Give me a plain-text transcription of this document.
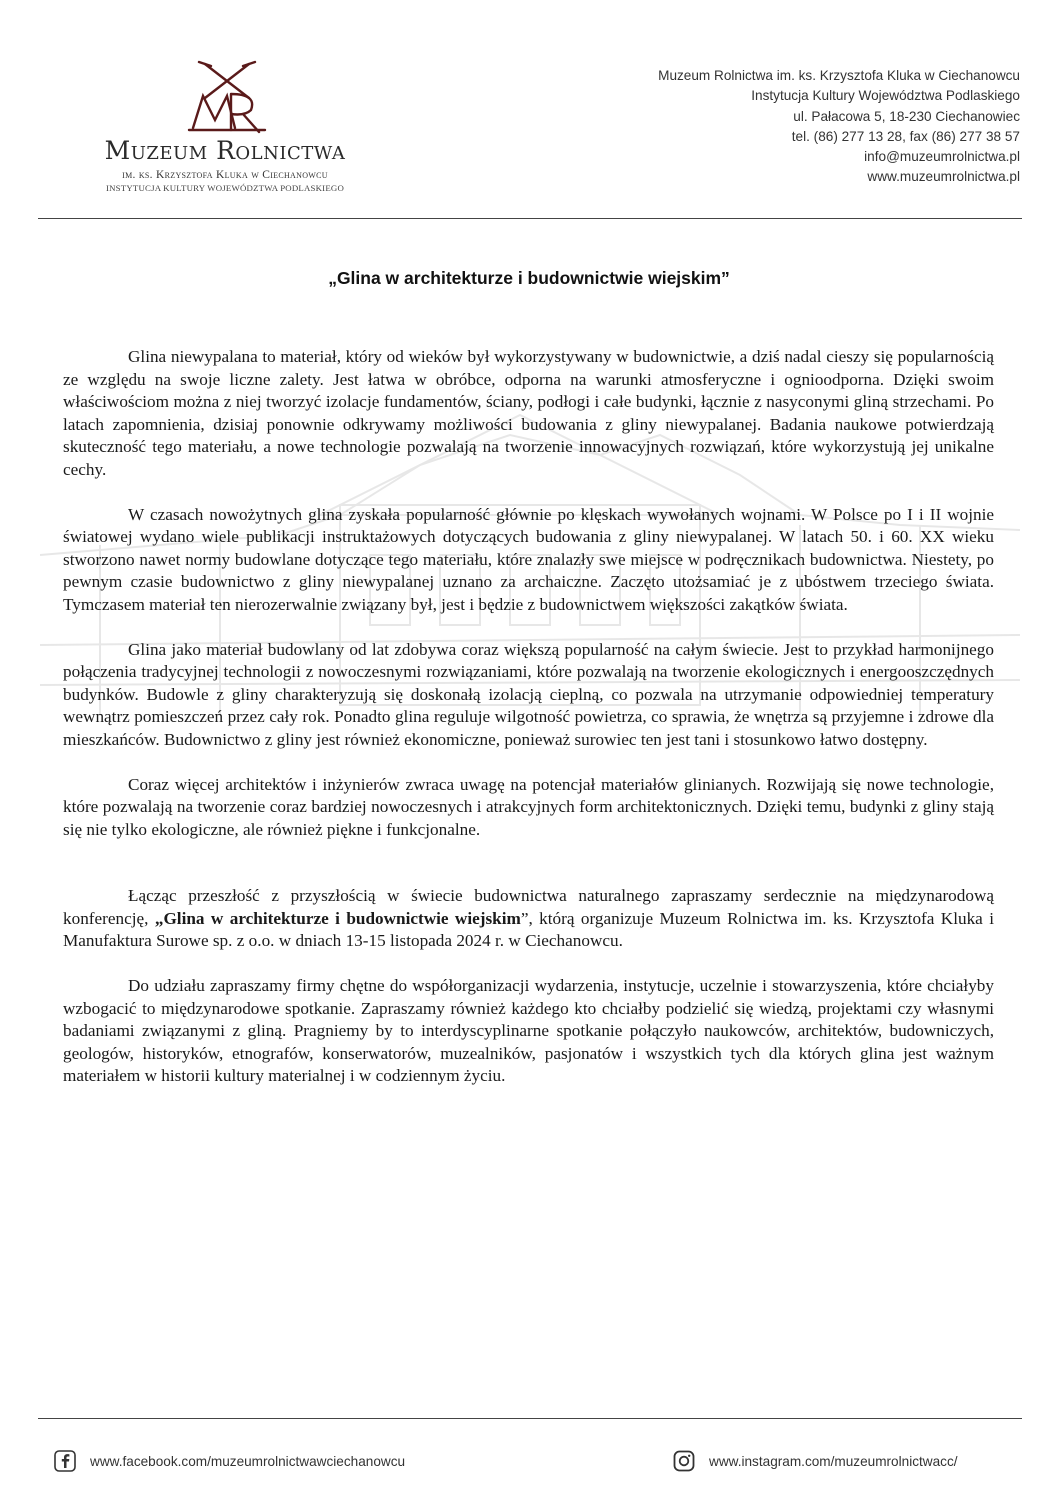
Muzeum Rolnictwa
im. ks. Krzysztofa Kluka w Ciechanowcu
INSTYTUCJA KULTURY WOJEWÓDZTWA PODLASKIEGO
Muzeum Rolnictwa im. ks. Krzysztofa Kluka w Ciechanowcu
Instytucja Kultury Województwa Podlaskiego
ul. Pałacowa 5, 18-230 Ciechanowiec
tel. (86) 277 13 28, fax (86) 277 38 57
info@muzeumrolnictwa.pl
www.muzeumrolnictwa.pl
„Glina w architekturze i budownictwie wiejskim”

Glina niewypalana to materiał, który od wieków był wykorzystywany w budownictwie, a dziś nadal cieszy się popularnością ze względu na swoje liczne zalety. Jest łatwa w obróbce, odporna na warunki atmosferyczne i ognioodporna. Dzięki swoim właściwościom można z niej tworzyć izolacje fundamentów, ściany, podłogi i całe budynki, łącznie z nasyconymi gliną strzechami. Po latach zapomnienia, dzisiaj ponownie odkrywamy możliwości budowania z gliny niewypalanej. Badania naukowe potwierdzają skuteczność tego materiału, a nowe technologie pozwalają na tworzenie innowacyjnych rozwiązań, które wykorzystują jej unikalne cechy.

W czasach nowożytnych glina zyskała popularność głównie po klęskach wywołanych wojnami. W Polsce po I i II wojnie światowej wydano wiele publikacji instruktażowych dotyczących budowania z gliny niewypalanej. W latach 50. i 60. XX wieku stworzono nawet normy budowlane dotyczące tego materiału, które znalazły swe miejsce w podręcznikach budownictwa. Niestety, po pewnym czasie budownictwo z gliny niewypalanej uznano za archaiczne. Zaczęto utożsamiać je z ubóstwem trzeciego świata. Tymczasem materiał ten nierozerwalnie związany był, jest i będzie z budownictwem większości zakątków świata.

Glina jako materiał budowlany od lat zdobywa coraz większą popularność na całym świecie. Jest to przykład harmonijnego połączenia tradycyjnej technologii z nowoczesnymi rozwiązaniami, które pozwalają na tworzenie ekologicznych i energooszczędnych budynków. Budowle z gliny charakteryzują się doskonałą izolacją cieplną, co pozwala na utrzymanie odpowiedniej temperatury wewnątrz pomieszczeń przez cały rok. Ponadto glina reguluje wilgotność powietrza, co sprawia, że wnętrza są przyjemne i zdrowe dla mieszkańców. Budownictwo z gliny jest również ekonomiczne, ponieważ surowiec ten jest tani i stosunkowo łatwo dostępny.

Coraz więcej architektów i inżynierów zwraca uwagę na potencjał materiałów glinianych. Rozwijają się nowe technologie, które pozwalają na tworzenie coraz bardziej nowoczesnych i atrakcyjnych form architektonicznych. Dzięki temu, budynki z gliny stają się nie tylko ekologiczne, ale również piękne i funkcjonalne.

Łącząc przeszłość z przyszłością w świecie budownictwa naturalnego zapraszamy serdecznie na międzynarodową konferencję, „Glina w architekturze i budownictwie wiejskim”, którą organizuje Muzeum Rolnictwa im. ks. Krzysztofa Kluka i Manufaktura Surowe sp. z o.o. w dniach 13-15 listopada 2024 r. w Ciechanowcu.

Do udziału zapraszamy firmy chętne do współorganizacji wydarzenia, instytucje, uczelnie i stowarzyszenia, które chciałyby wzbogacić to międzynarodowe spotkanie. Zapraszamy również każdego kto chciałby podzielić się wiedzą, projektami czy własnymi badaniami związanymi z gliną. Pragniemy by to interdyscyplinarne spotkanie połączyło naukowców, architektów, budowniczych, geologów, historyków, etnografów, konserwatorów, muzealników, pasjonatów i wszystkich tych dla których glina jest ważnym materiałem w historii kultury materialnej i w codziennym życiu.

www.facebook.com/muzeumrolnictwawciechanowcu	www.instagram.com/muzeumrolnictwacc/
